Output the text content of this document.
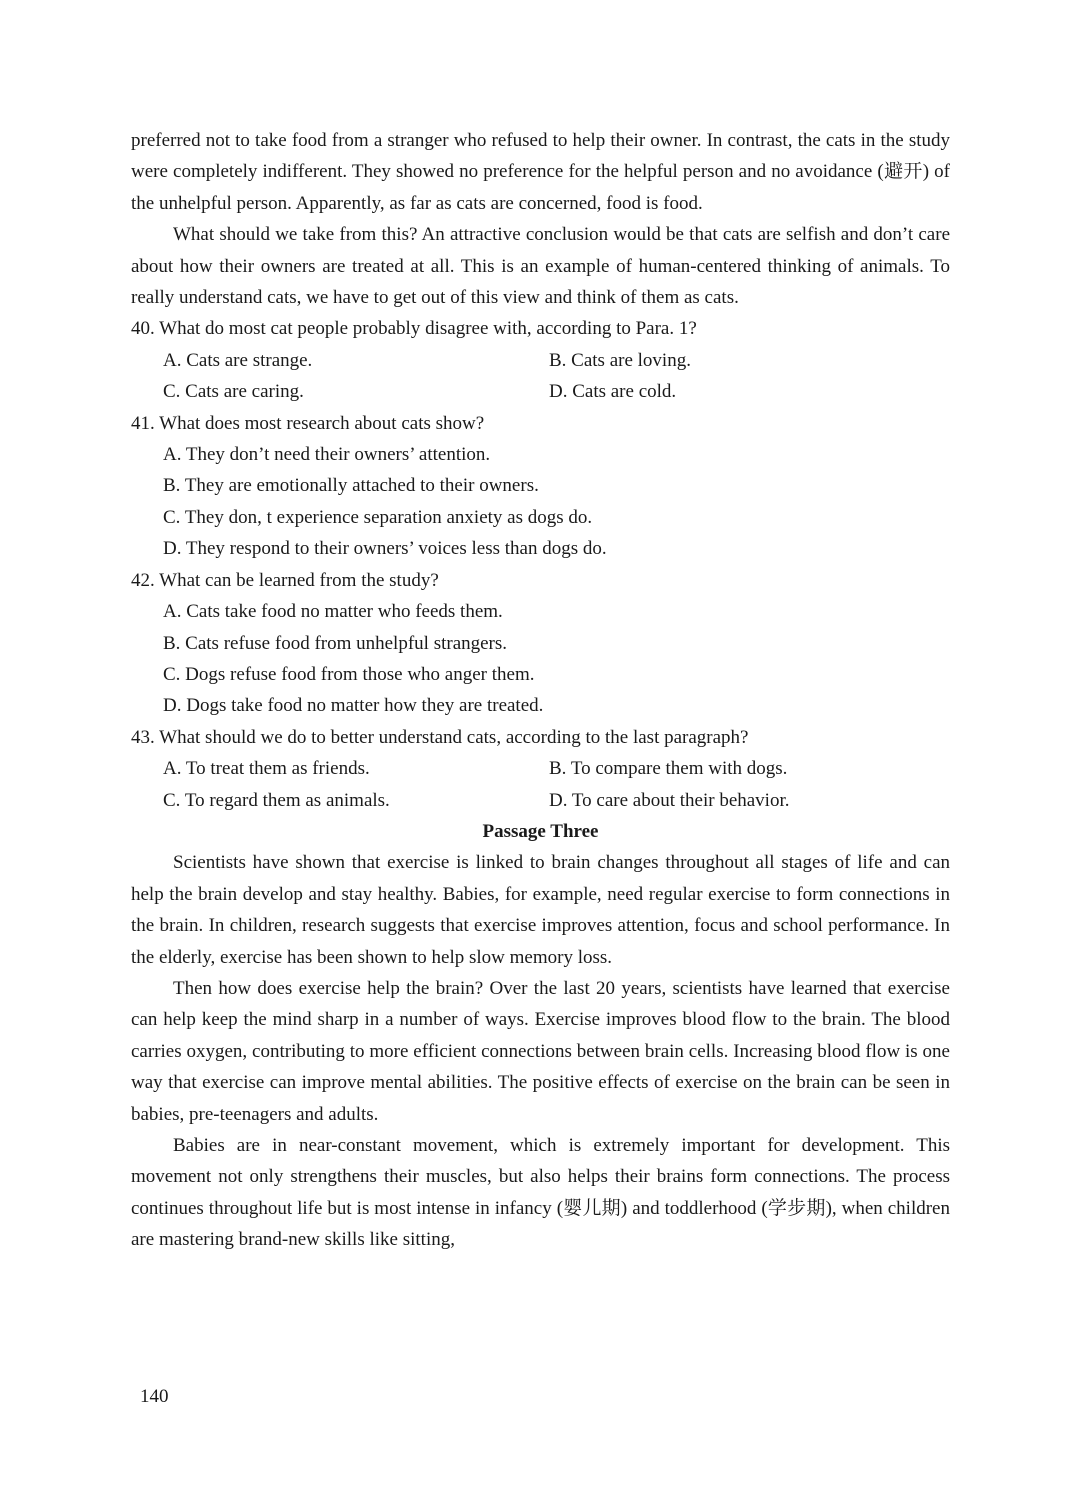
preferred not to take food from a stranger who refused to help their owner. In contrast, the cats in the study were completely indifferent. They showed no preference for the helpful person and no avoidance (避开) of the unhelpful person. Apparently, as far as cats are concerned, food is food.

What should we take from this? An attractive conclusion would be that cats are selfish and don’t care about how their owners are treated at all. This is an example of human-centered thinking of animals. To really understand cats, we have to get out of this view and think of them as cats.

40. What do most cat people probably disagree with, according to Para. 1?

A. Cats are strange.	B. Cats are loving.
C. Cats are caring.	D. Cats are cold.

41. What does most research about cats show?

A. They don’t need their owners’ attention.

B. They are emotionally attached to their owners.

C. They don, t experience separation anxiety as dogs do.

D. They respond to their owners’ voices less than dogs do.

42. What can be learned from the study?

A. Cats take food no matter who feeds them.

B. Cats refuse food from unhelpful strangers.

C. Dogs refuse food from those who anger them.

D. Dogs take food no matter how they are treated.

43. What should we do to better understand cats, according to the last paragraph?

A. To treat them as friends.	B. To compare them with dogs.
C. To regard them as animals.	D. To care about their behavior.

Passage Three

Scientists have shown that exercise is linked to brain changes throughout all stages of life and can help the brain develop and stay healthy. Babies, for example, need regular exercise to form connections in the brain. In children, research suggests that exercise improves attention, focus and school performance. In the elderly, exercise has been shown to help slow memory loss.

Then how does exercise help the brain? Over the last 20 years, scientists have learned that exercise can help keep the mind sharp in a number of ways. Exercise improves blood flow to the brain. The blood carries oxygen, contributing to more efficient connections between brain cells. Increasing blood flow is one way that exercise can improve mental abilities. The positive effects of exercise on the brain can be seen in babies, pre-teenagers and adults.

Babies are in near-constant movement, which is extremely important for development. This movement not only strengthens their muscles, but also helps their brains form connections. The process continues throughout life but is most intense in infancy (婴儿期) and toddlerhood (学步期), when children are mastering brand-new skills like sitting,

140
